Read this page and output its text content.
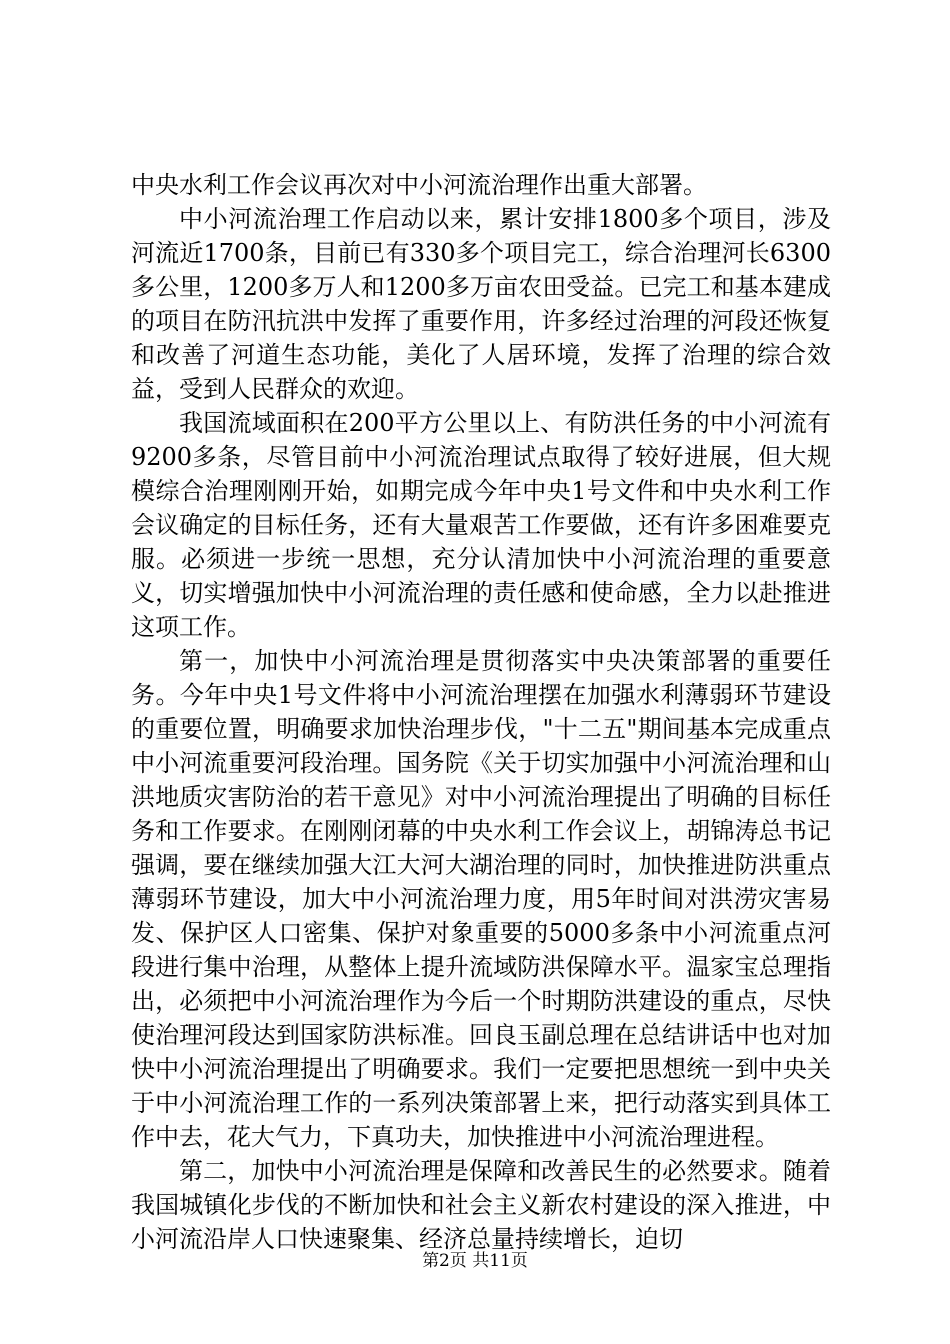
中央水利工作会议再次对中小河流治理作出重大部署。

中小河流治理工作启动以来，累计安排1800多个项目，涉及河流近1700条，目前已有330多个项目完工，综合治理河长6300多公里，1200多万人和1200多万亩农田受益。已完工和基本建成的项目在防汛抗洪中发挥了重要作用，许多经过治理的河段还恢复和改善了河道生态功能，美化了人居环境，发挥了治理的综合效益，受到人民群众的欢迎。

我国流域面积在200平方公里以上、有防洪任务的中小河流有9200多条，尽管目前中小河流治理试点取得了较好进展，但大规模综合治理刚刚开始，如期完成今年中央1号文件和中央水利工作会议确定的目标任务，还有大量艰苦工作要做，还有许多困难要克服。必须进一步统一思想，充分认清加快中小河流治理的重要意义，切实增强加快中小河流治理的责任感和使命感，全力以赴推进这项工作。

第一，加快中小河流治理是贯彻落实中央决策部署的重要任务。今年中央1号文件将中小河流治理摆在加强水利薄弱环节建设的重要位置，明确要求加快治理步伐，"十二五"期间基本完成重点中小河流重要河段治理。国务院《关于切实加强中小河流治理和山洪地质灾害防治的若干意见》对中小河流治理提出了明确的目标任务和工作要求。在刚刚闭幕的中央水利工作会议上，胡锦涛总书记强调，要在继续加强大江大河大湖治理的同时，加快推进防洪重点薄弱环节建设，加大中小河流治理力度，用5年时间对洪涝灾害易发、保护区人口密集、保护对象重要的5000多条中小河流重点河段进行集中治理，从整体上提升流域防洪保障水平。温家宝总理指出，必须把中小河流治理作为今后一个时期防洪建设的重点，尽快使治理河段达到国家防洪标准。回良玉副总理在总结讲话中也对加快中小河流治理提出了明确要求。我们一定要把思想统一到中央关于中小河流治理工作的一系列决策部署上来，把行动落实到具体工作中去，花大气力，下真功夫，加快推进中小河流治理进程。

第二，加快中小河流治理是保障和改善民生的必然要求。随着我国城镇化步伐的不断加快和社会主义新农村建设的深入推进，中小河流沿岸人口快速聚集、经济总量持续增长，迫切

第2页 共11页
